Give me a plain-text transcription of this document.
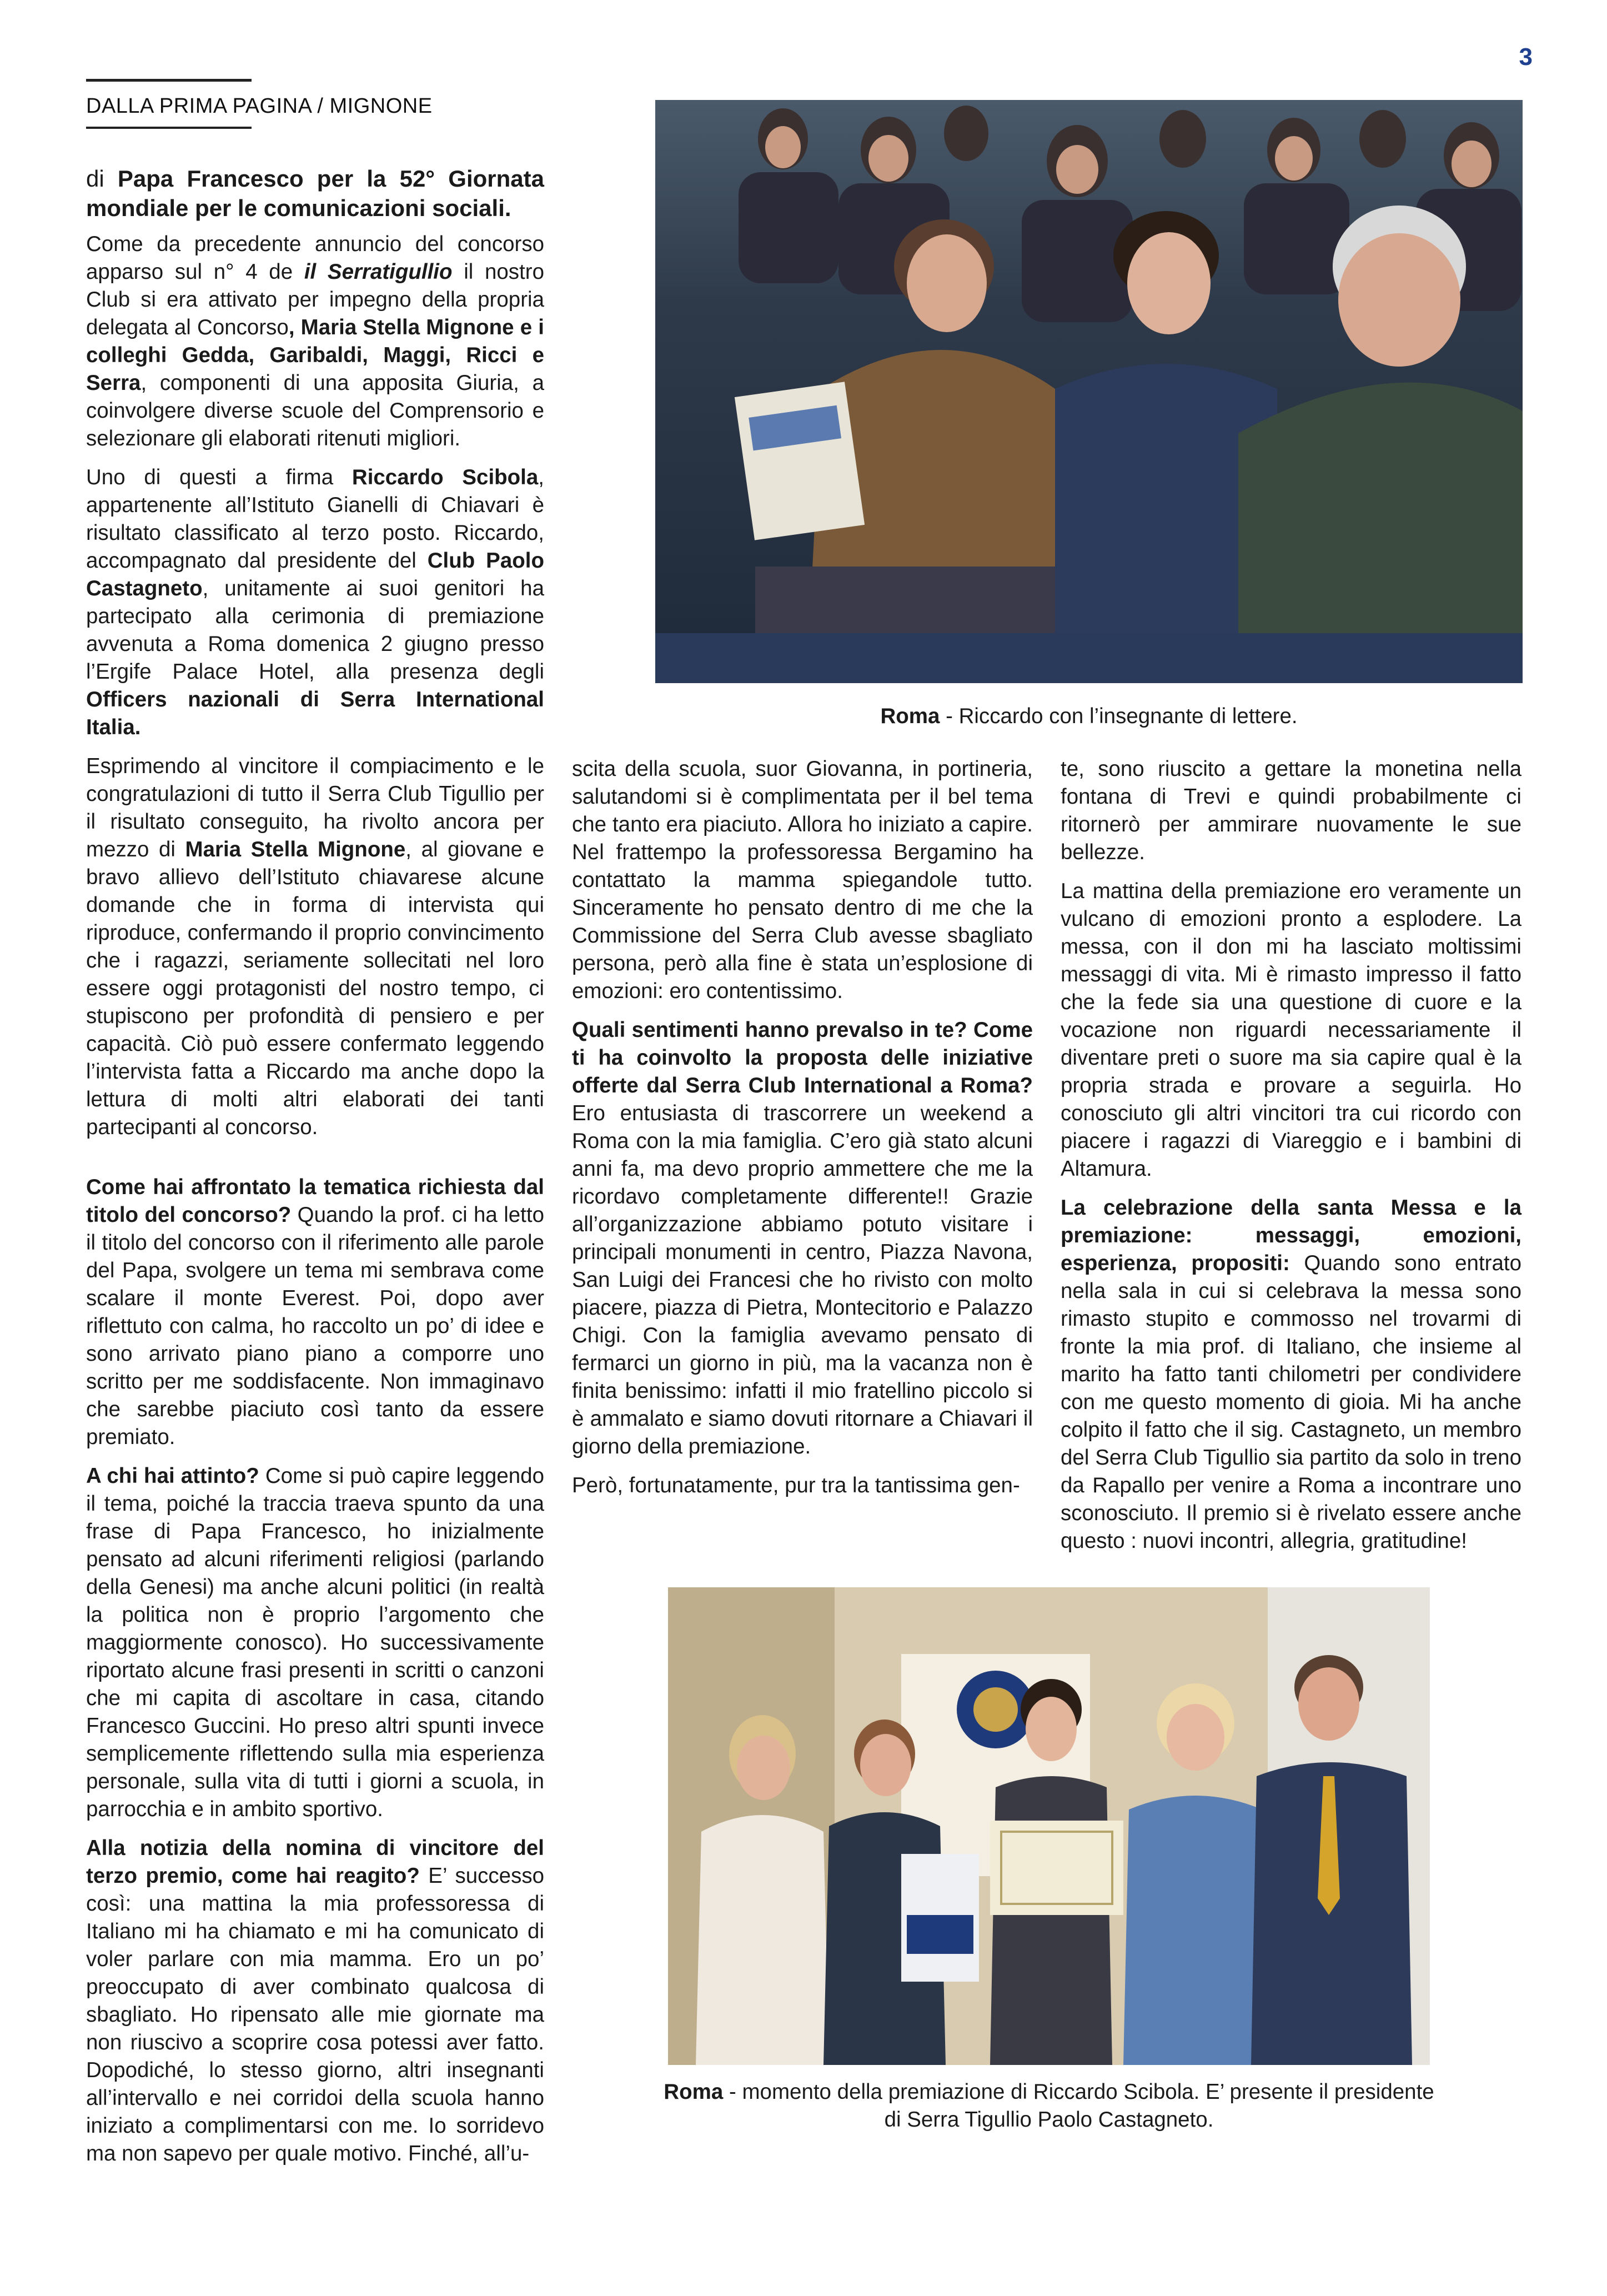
3
DALLA PRIMA PAGINA / MIGNONE

di Papa Francesco per la 52° Giornata mondiale per le comunicazioni sociali.

Come da precedente annuncio del concorso apparso sul n° 4 de il Serratigullio il nostro Club si era attivato per impegno della propria delegata al Concorso, Maria Stella Mignone e i colleghi Gedda, Garibaldi, Maggi, Ricci e Serra, componenti di una apposita Giuria, a coinvolgere diverse scuole del Comprensorio e selezionare gli elaborati ritenuti migliori.

Uno di questi a firma Riccardo Scibola, appartenente all’Istituto Gianelli di Chiavari è risultato classificato al terzo posto. Riccardo, accompagnato dal presidente del Club Paolo Castagneto, unitamente ai suoi genitori ha partecipato alla cerimonia di premiazione avvenuta a Roma domenica 2 giugno presso l’Ergife Palace Hotel, alla presenza degli Officers nazionali di Serra International Italia.

Esprimendo al vincitore il compiacimento e le congratulazioni di tutto il Serra Club Tigullio per il risultato conseguito, ha rivolto ancora per mezzo di Maria Stella Mignone, al giovane e bravo allievo dell’Istituto chiavarese alcune domande che in forma di intervista qui riproduce, confermando il proprio convincimento che i ragazzi, seriamente sollecitati nel loro essere oggi protagonisti del nostro tempo, ci stupiscono per profondità di pensiero e per capacità. Ciò può essere confermato leggendo l’intervista fatta a Riccardo ma anche dopo la lettura di molti altri elaborati dei tanti partecipanti al concorso.

Come hai affrontato la tematica richiesta dal titolo del concorso? Quando la prof. ci ha letto il titolo del concorso con il riferimento alle parole del Papa, svolgere un tema mi sembrava come scalare il monte Everest. Poi, dopo aver riflettuto con calma, ho raccolto un po’ di idee e sono arrivato piano piano a comporre uno scritto per me soddisfacente. Non immaginavo che sarebbe piaciuto così tanto da essere premiato.

A chi hai attinto? Come si può capire leggendo il tema, poiché la traccia traeva spunto da una frase di Papa Francesco, ho inizialmente pensato ad alcuni riferimenti religiosi (parlando della Genesi) ma anche alcuni politici (in realtà la politica non è proprio l’argomento che maggiormente conosco). Ho successivamente riportato alcune frasi presenti in scritti o canzoni che mi capita di ascoltare in casa, citando Francesco Guccini. Ho preso altri spunti invece semplicemente riflettendo sulla mia esperienza personale, sulla vita di tutti i giorni a scuola, in parrocchia e in ambito sportivo.

Alla notizia della nomina di vincitore del terzo premio, come hai reagito? E’ successo così: una mattina la mia professoressa di Italiano mi ha chiamato e mi ha comunicato di voler parlare con mia mamma. Ero un po’ preoccupato di aver combinato qualcosa di sbagliato. Ho ripensato alle mie giornate ma non riuscivo a scoprire cosa potessi aver fatto. Dopodiché, lo stesso giorno, altri insegnanti all’intervallo e nei corridoi della scuola hanno iniziato a complimentarsi con me. Io sorridevo ma non sapevo per quale motivo. Finché, all’u-

scita della scuola, suor Giovanna, in portineria, salutandomi si è complimentata per il bel tema che tanto era piaciuto. Allora ho iniziato a capire. Nel frattempo la professoressa Bergamino ha contattato la mamma spiegandole tutto. Sinceramente ho pensato dentro di me che la Commissione del Serra Club avesse sbagliato persona, però alla fine è stata un’esplosione di emozioni: ero contentissimo.

Quali sentimenti hanno prevalso in te? Come ti ha coinvolto la proposta delle iniziative offerte dal Serra Club International a Roma? Ero entusiasta di trascorrere un weekend a Roma con la mia famiglia. C’ero già stato alcuni anni fa, ma devo proprio ammettere che me la ricordavo completamente differente!! Grazie all’organizzazione abbiamo potuto visitare i principali monumenti in centro, Piazza Navona, San Luigi dei Francesi che ho rivisto con molto piacere, piazza di Pietra, Montecitorio e Palazzo Chigi. Con la famiglia avevamo pensato di fermarci un giorno in più, ma la vacanza non è finita benissimo: infatti il mio fratellino piccolo si è ammalato e siamo dovuti ritornare a Chiavari il giorno della premiazione.

Però, fortunatamente, pur tra la tantissima gen-

te, sono riuscito a gettare la monetina nella fontana di Trevi e quindi probabilmente ci ritornerò per ammirare nuovamente le sue bellezze.

La mattina della premiazione ero veramente un vulcano di emozioni pronto a esplodere. La messa, con il don mi ha lasciato moltissimi messaggi di vita. Mi è rimasto impresso il fatto che la fede sia una questione di cuore e la vocazione non riguardi necessariamente il diventare preti o suore ma sia capire qual è la propria strada e provare a seguirla. Ho conosciuto gli altri vincitori tra cui ricordo con piacere i ragazzi di Viareggio e i bambini di Altamura.

La celebrazione della santa Messa e la premiazione: messaggi, emozioni, esperienza, propositi: Quando sono entrato nella sala in cui si celebrava la messa sono rimasto stupito e commosso nel trovarmi di fronte la mia prof. di Italiano, che insieme al marito ha fatto tanti chilometri per condividere con me questo momento di gioia. Mi ha anche colpito il fatto che il sig. Castagneto, un membro del Serra Club Tigullio sia partito da solo in treno da Rapallo per venire a Roma a incontrare uno sconosciuto. Il premio si è rivelato essere anche questo : nuovi incontri, allegria, gratitudine!

Roma - Riccardo con l’insegnante di lettere.
Roma - momento della premiazione di Riccardo Scibola. E’ presente il presidente di Serra Tigullio Paolo Castagneto.
